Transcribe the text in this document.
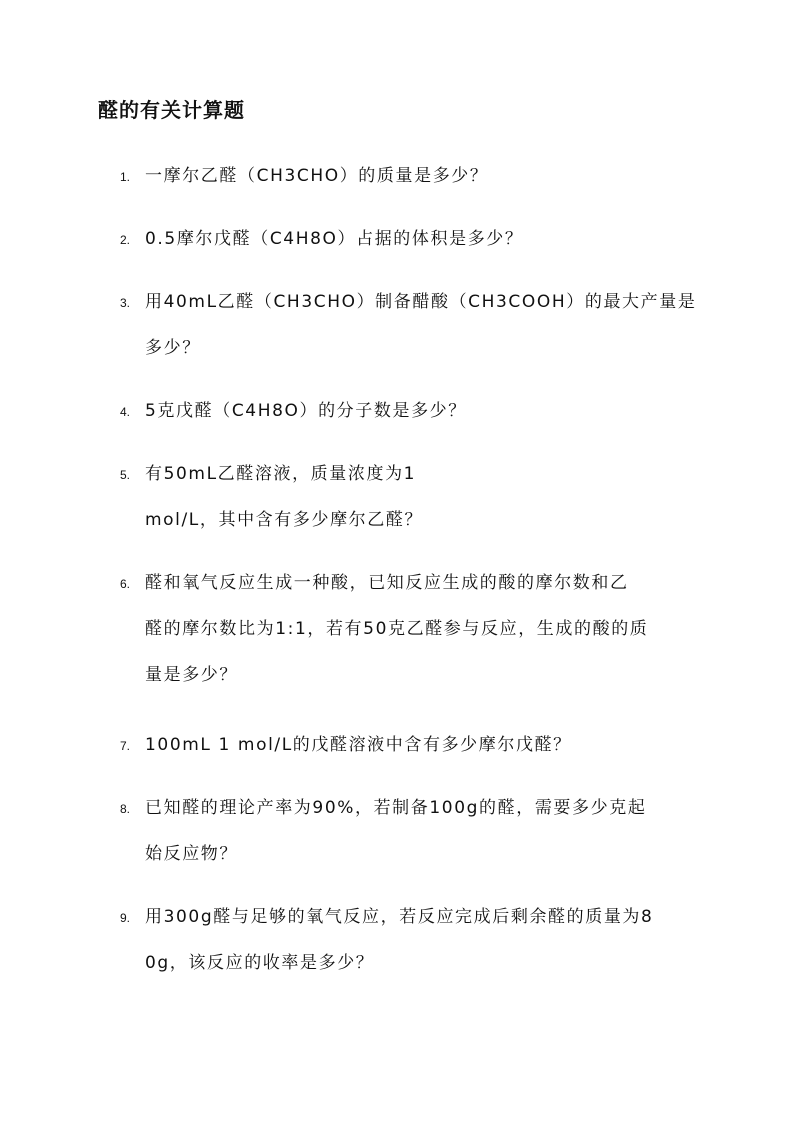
醛的有关计算题
1. 一摩尔乙醛（CH3CHO）的质量是多少？
2. 0.5摩尔戊醛（C4H8O）占据的体积是多少？
3. 用40mL乙醛（CH3CHO）制备醋酸（CH3COOH）的最大产量是
多少？
4. 5克戊醛（C4H8O）的分子数是多少？
5. 有50mL乙醛溶液，质量浓度为1
mol/L，其中含有多少摩尔乙醛？
6. 醛和氧气反应生成一种酸，已知反应生成的酸的摩尔数和乙
醛的摩尔数比为1:1，若有50克乙醛参与反应，生成的酸的质
量是多少？
7. 100mL 1 mol/L的戊醛溶液中含有多少摩尔戊醛？
8. 已知醛的理论产率为90%，若制备100g的醛，需要多少克起
始反应物？
9. 用300g醛与足够的氧气反应，若反应完成后剩余醛的质量为8
0g，该反应的收率是多少？
